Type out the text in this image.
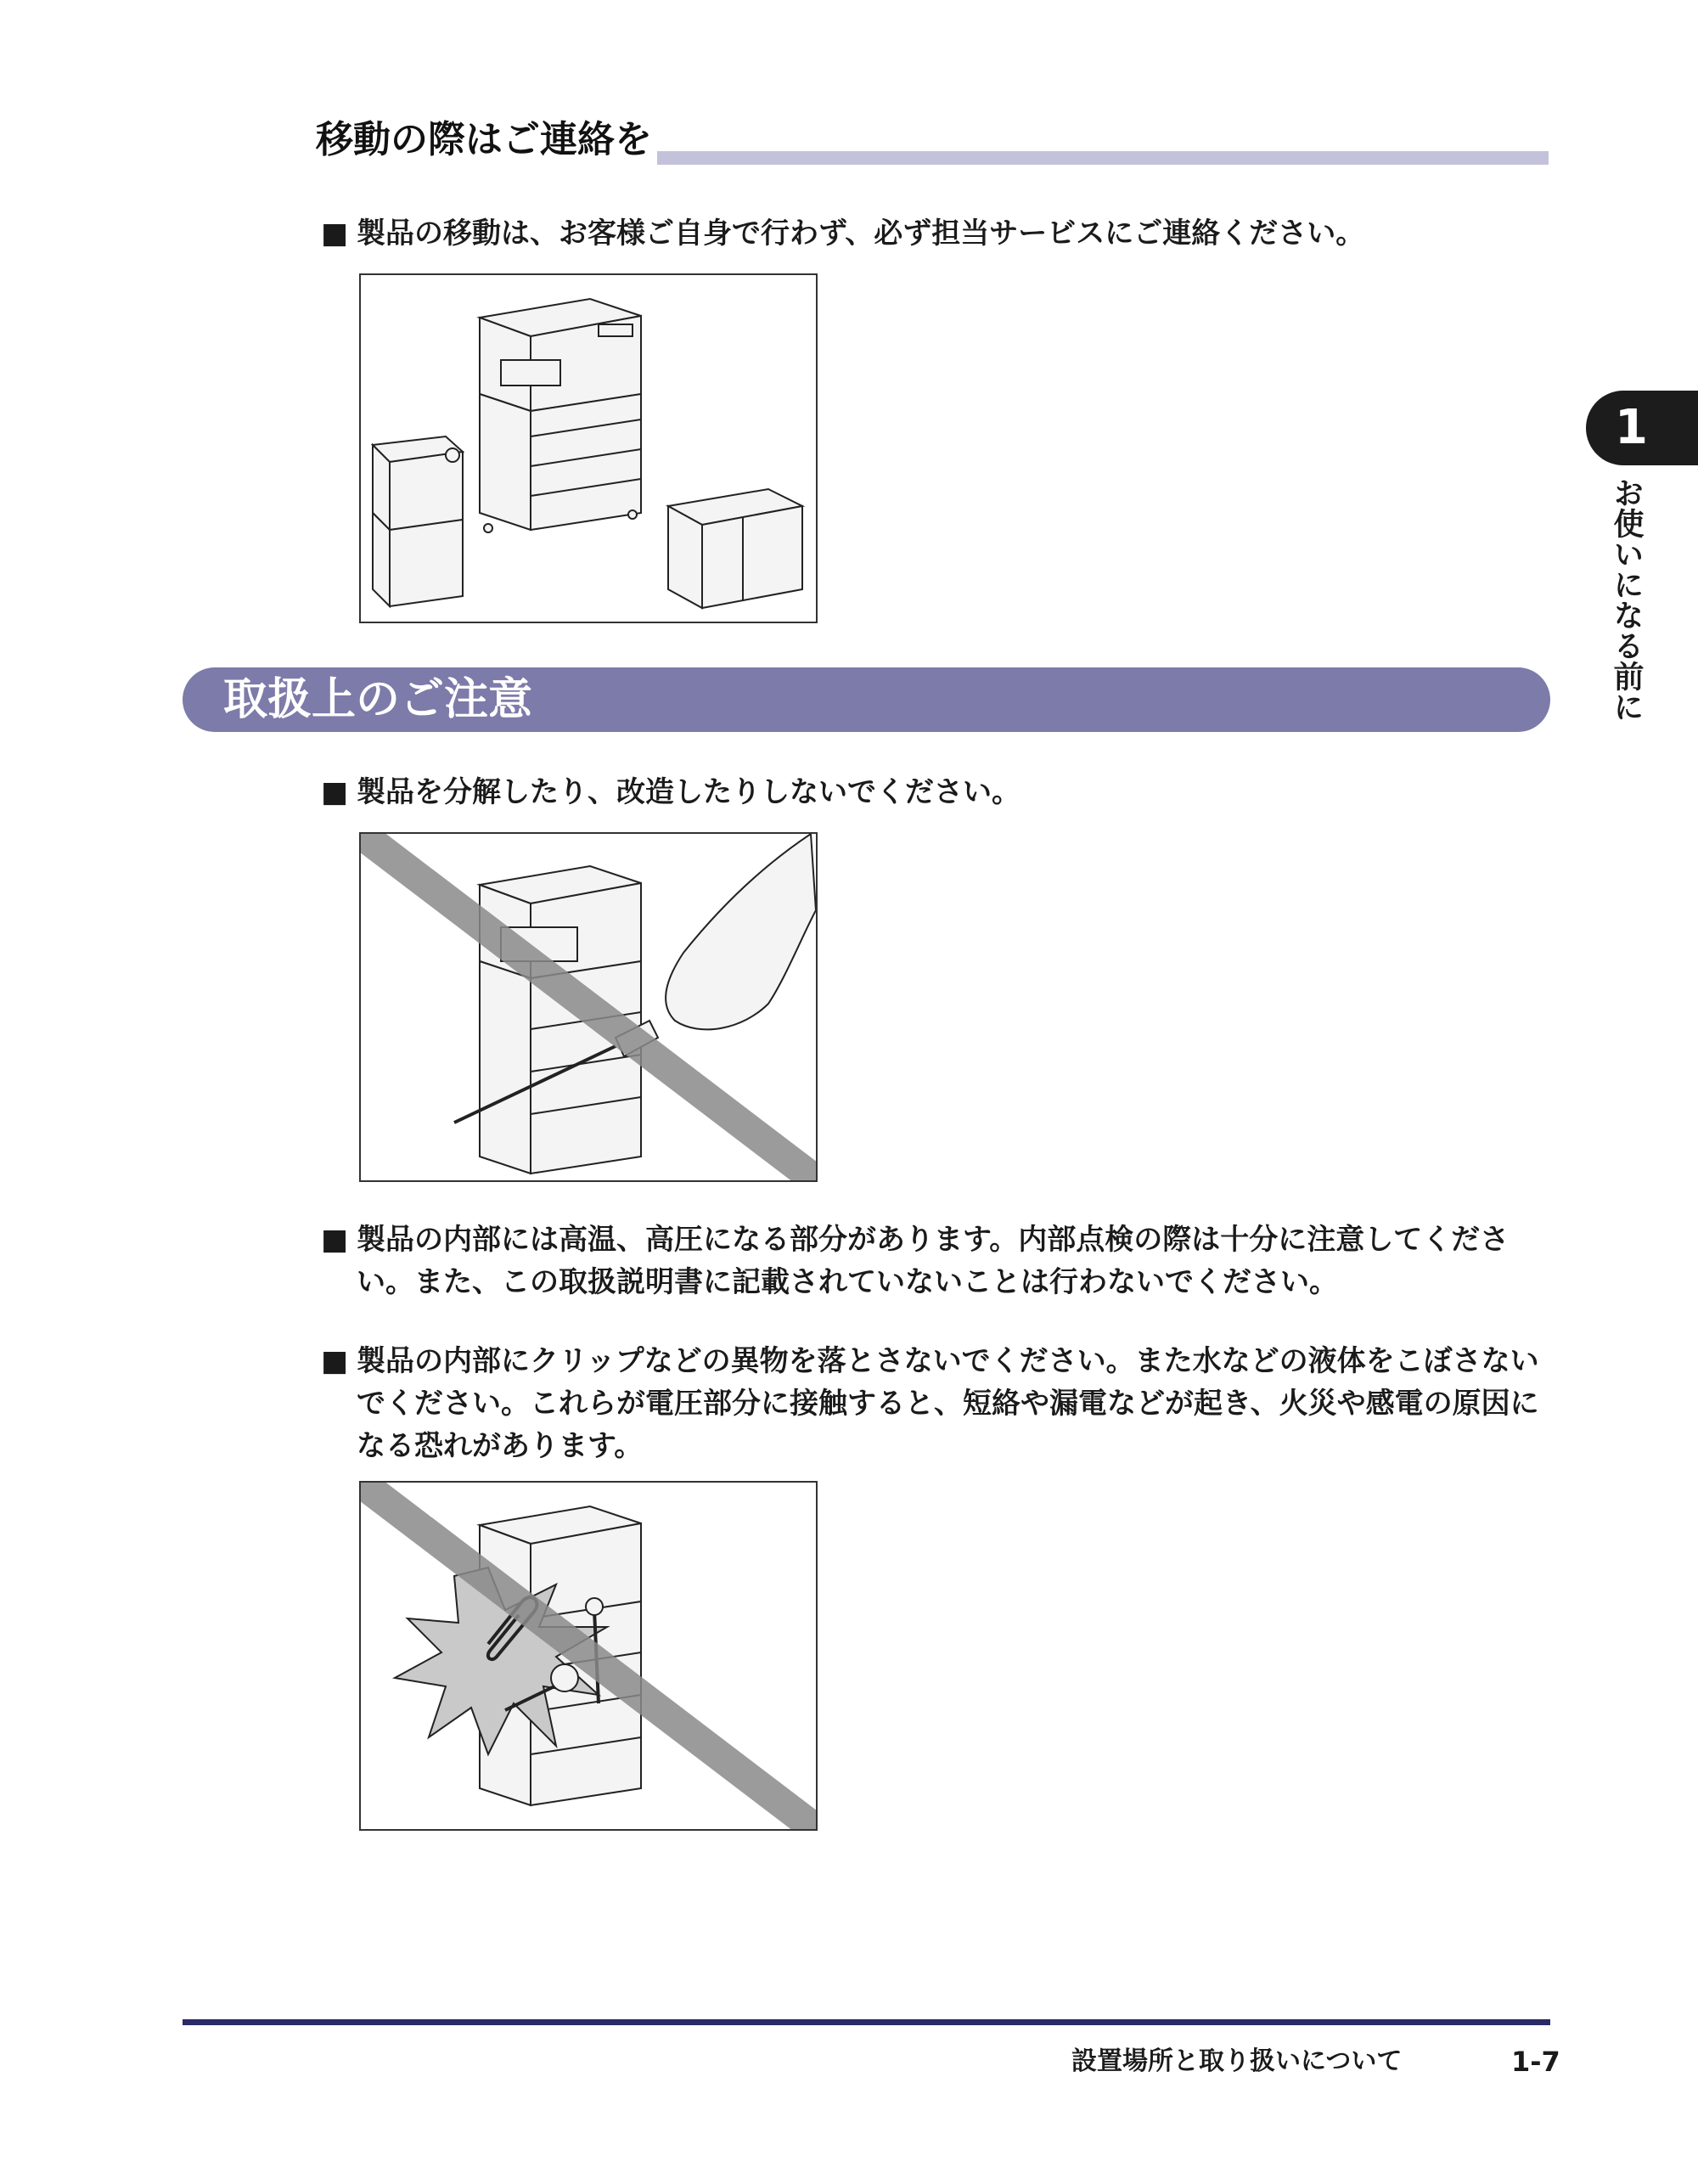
移動の際はご連絡を
■ 製品の移動は、お客様ご自身で行わず、必ず担当サービスにご連絡ください。
取扱上のご注意
■ 製品を分解したり、改造したりしないでください。
■ 製品の内部には高温、高圧になる部分があります。内部点検の際は十分に注意してください。また、この取扱説明書に記載されていないことは行わないでください。
■ 製品の内部にクリップなどの異物を落とさないでください。また水などの液体をこぼさないでください。これらが電圧部分に接触すると、短絡や漏電などが起き、火災や感電の原因になる恐れがあります。
1
お使いになる前に
設置場所と取り扱いについて	1-7
